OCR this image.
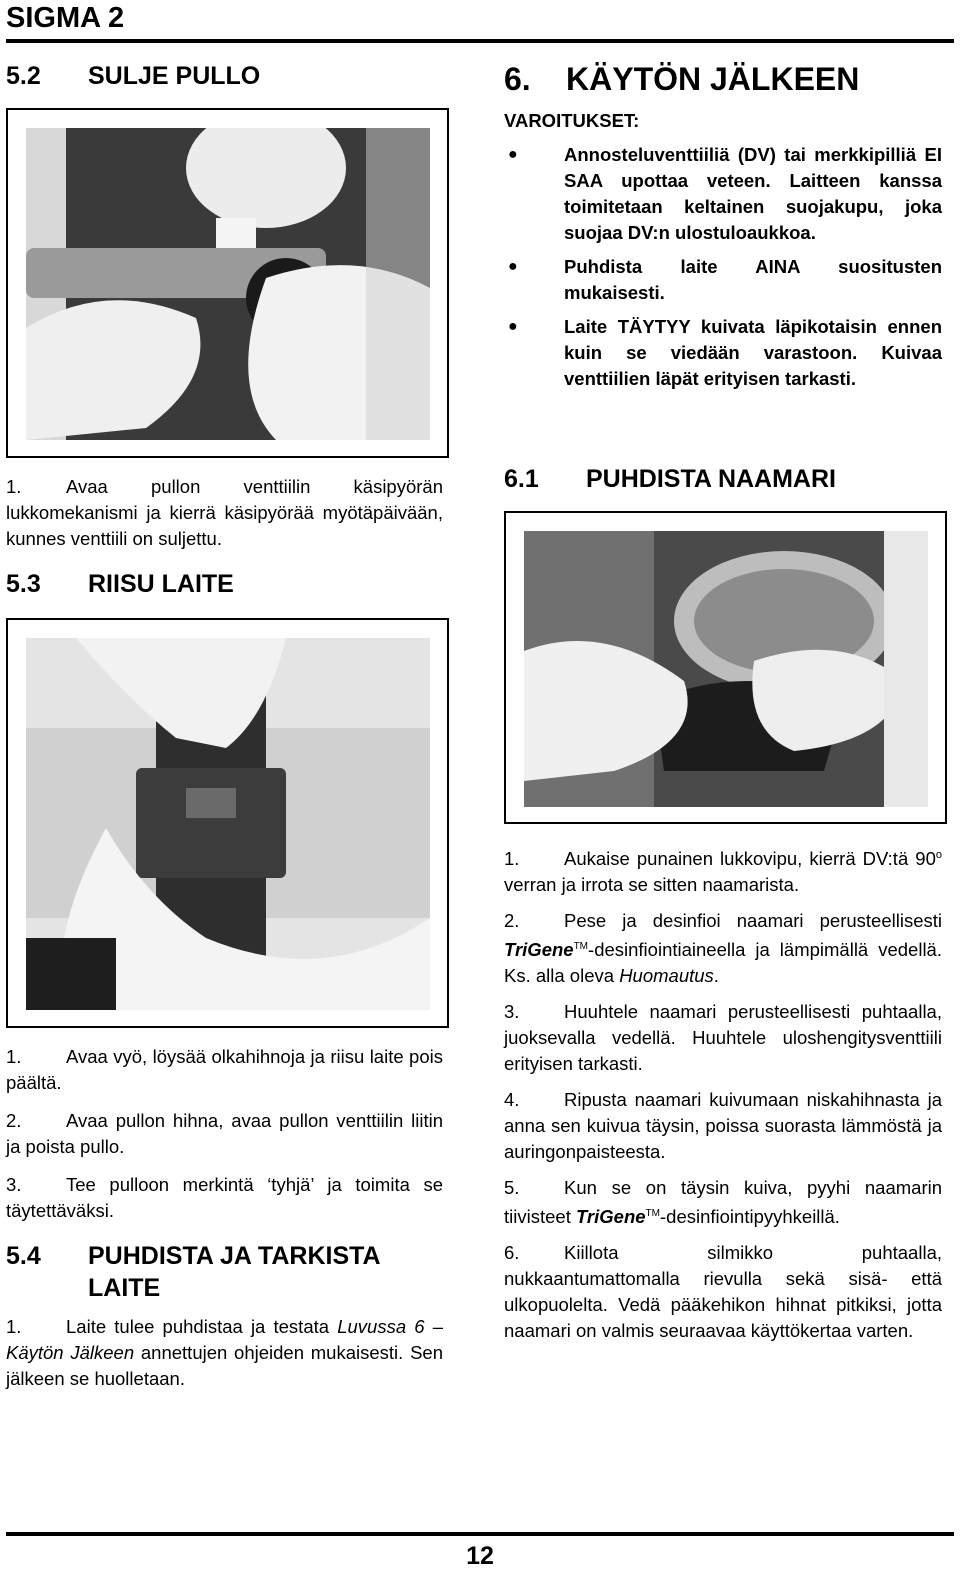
SIGMA 2
5.2 SULJE PULLO
1. Avaa pullon venttiilin käsipyörän lukkomekanismi ja kierrä käsipyörää myötäpäivään, kunnes venttiili on suljettu.
5.3 RIISU LAITE
1. Avaa vyö, löysää olkahihnoja ja riisu laite pois päältä.
2. Avaa pullon hihna, avaa pullon venttiilin liitin ja poista pullo.
3. Tee pulloon merkintä ‘tyhjä’ ja toimita se täytettäväksi.
5.4 PUHDISTA JA TARKISTA
LAITE
1. Laite tulee puhdistaa ja testata Luvussa 6 – Käytön Jälkeen annettujen ohjeiden mukaisesti. Sen jälkeen se huolletaan.
6. KÄYTÖN JÄLKEEN
VAROITUKSET:
●	Annosteluventtiiliä (DV) tai merkkipilliä EI SAA upottaa veteen. Laitteen kanssa toimitetaan keltainen suojakupu, joka suojaa DV:n ulostuloaukkoa.
●	Puhdista laite AINA suositusten mukaisesti.
●	Laite TÄYTYY kuivata läpikotaisin ennen kuin se viedään varastoon. Kuivaa venttiilien läpät erityisen tarkasti.
6.1 PUHDISTA NAAMARI
1. Aukaise punainen lukkovipu, kierrä DV:tä 90$^o$ verran ja irrota se sitten naamarista.
2. Pese ja desinfioi naamari perusteellisesti TriGene™-desinfiointiaineella ja lämpimällä vedellä. Ks. alla oleva Huomautus.
3. Huuhtele naamari perusteellisesti puhtaalla, juoksevalla vedellä. Huuhtele uloshengitysventtiili erityisen tarkasti.
4. Ripusta naamari kuivumaan niskahihnasta ja anna sen kuivua täysin, poissa suorasta lämmöstä ja auringonpaisteesta.
5. Kun se on täysin kuiva, pyyhi naamarin tiivisteet TriGene™-desinfiointipyyhkeillä.
6. Kiillota silmikko puhtaalla, nukkaantumattomalla rievulla sekä sisä- että ulkopuolelta. Vedä pääkehikon hihnat pitkiksi, jotta naamari on valmis seuraavaa käyttökertaa varten.
12
